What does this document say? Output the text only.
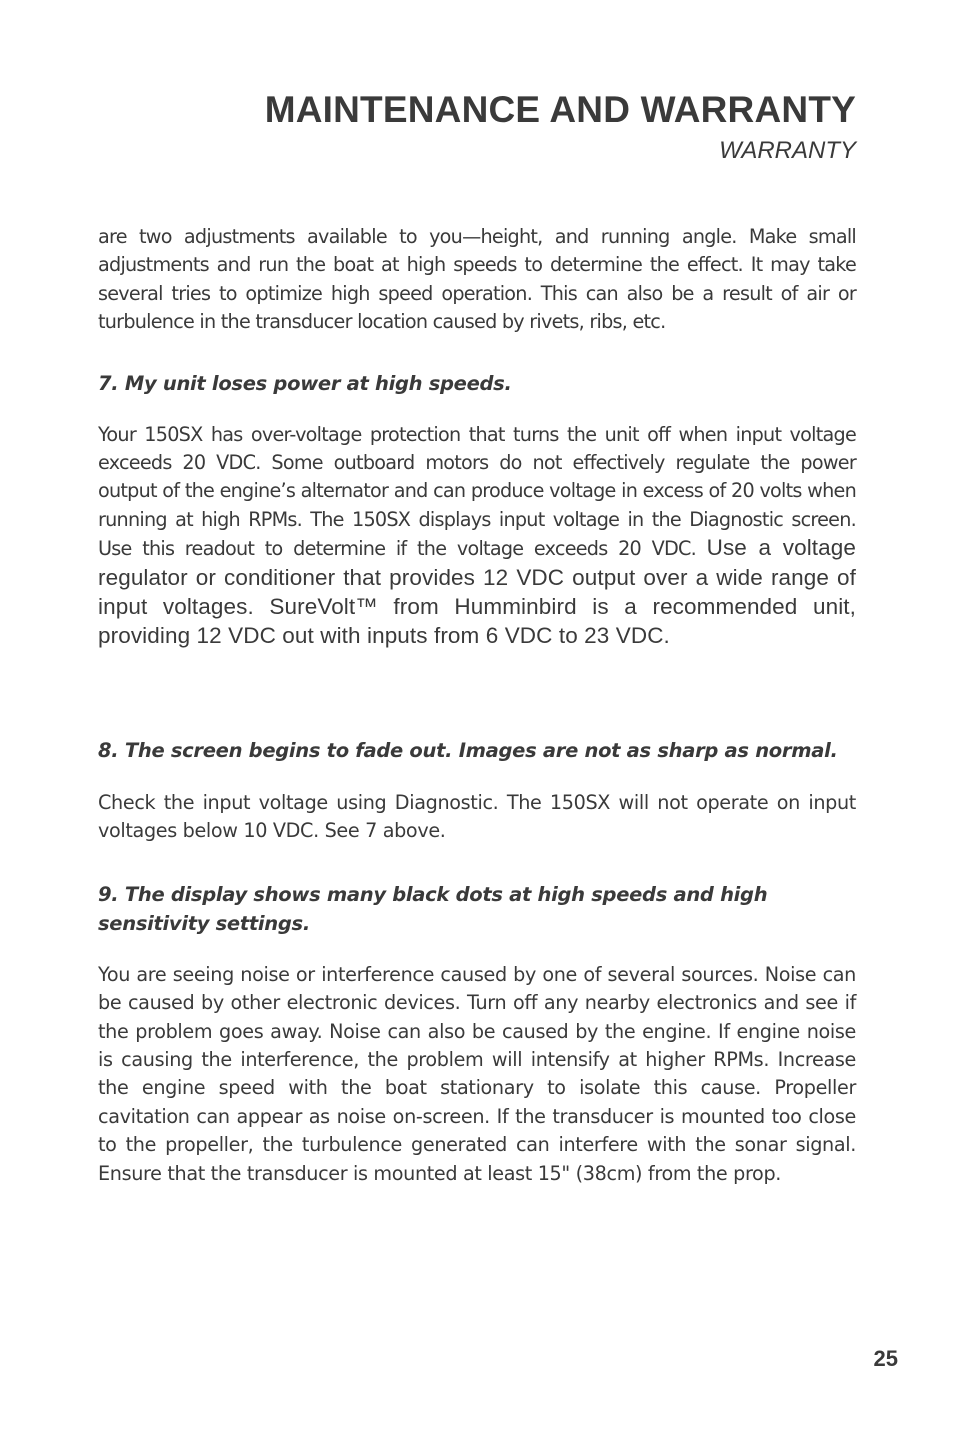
MAINTENANCE AND WARRANTY
WARRANTY

are two adjustments available to you—height, and running angle. Make small adjustments and run the boat at high speeds to determine the effect. It may take several tries to optimize high speed operation. This can also be a result of air or turbulence in the transducer location caused by rivets, ribs, etc.

7. My unit loses power at high speeds.

Your 150SX has over-voltage protection that turns the unit off when input voltage exceeds 20 VDC. Some outboard motors do not effectively regulate the power output of the engine’s alternator and can produce voltage in excess of 20 volts when running at high RPMs. The 150SX displays input voltage in the Diagnostic screen. Use this readout to determine if the voltage exceeds 20 VDC. Use a voltage regulator or conditioner that provides 12 VDC output over a wide range of input voltages. SureVolt™ from Humminbird is a recommended unit, providing 12 VDC out with inputs from 6 VDC to 23 VDC.

8. The screen begins to fade out. Images are not as sharp as normal.

Check the input voltage using Diagnostic. The 150SX will not operate on input voltages below 10 VDC. See 7 above.

9. The display shows many black dots at high speeds and high sensitivity settings.

You are seeing noise or interference caused by one of several sources. Noise can be caused by other electronic devices. Turn off any nearby electronics and see if the problem goes away. Noise can also be caused by the engine. If engine noise is causing the interference, the problem will intensify at higher RPMs. Increase the engine speed with the boat stationary to isolate this cause. Propeller cavitation can appear as noise on-screen. If the transducer is mounted too close to the propeller, the turbulence generated can interfere with the sonar signal. Ensure that the transducer is mounted at least 15" (38cm) from the prop.

25
